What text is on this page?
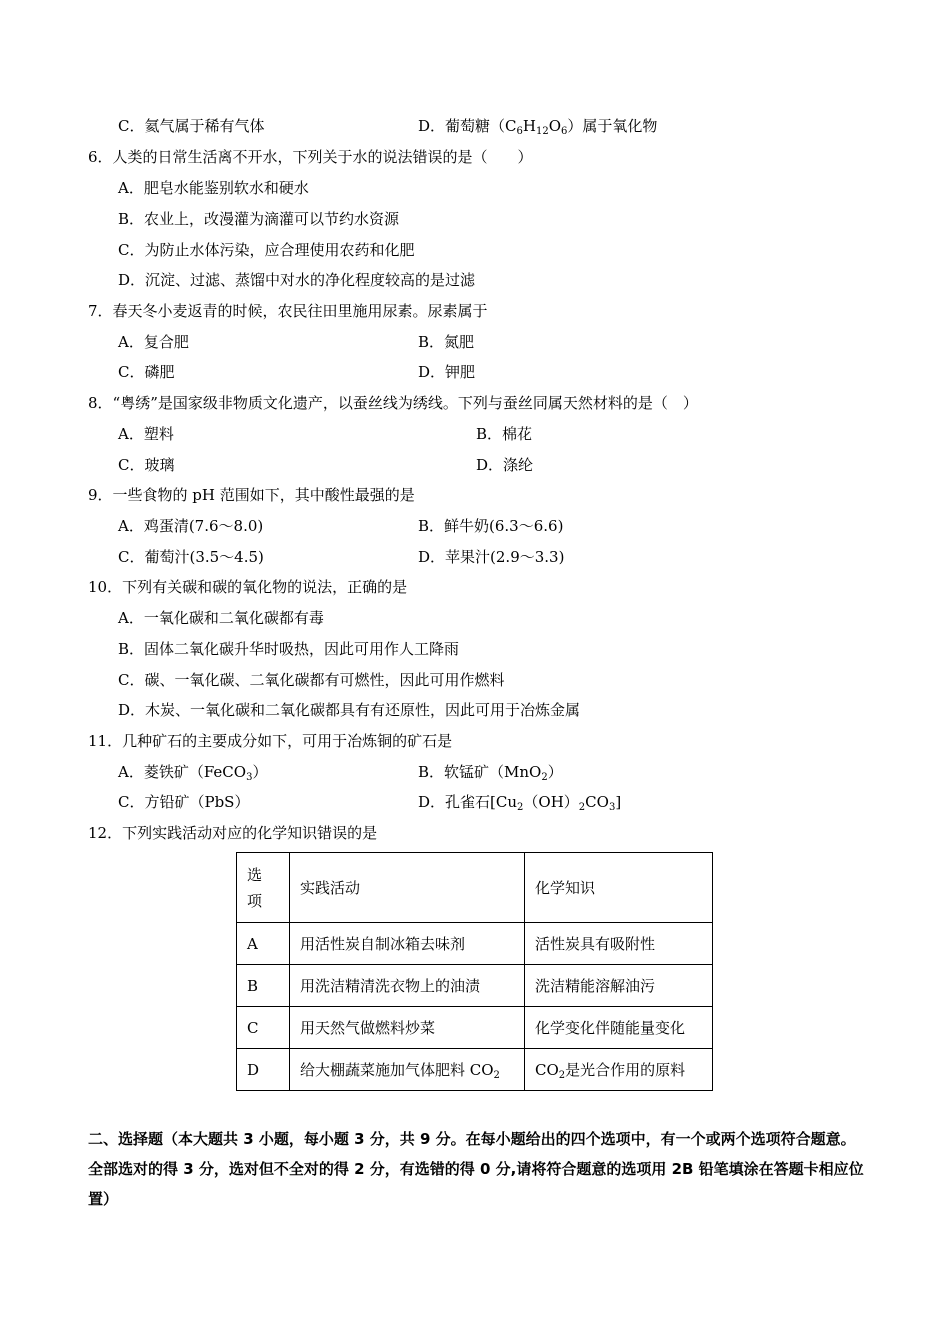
C．氦气属于稀有气体	D．葡萄糖$(C_6H_{12}O_6)$属于氧化物
6．人类的日常生活离不开水，下列关于水的说法错误的是（　　）
A．肥皂水能鉴别软水和硬水
B．农业上，改漫灌为滴灌可以节约水资源
C．为防止水体污染，应合理使用农药和化肥
D．沉淀、过滤、蒸馏中对水的净化程度较高的是过滤
7．春天冬小麦返青的时候，农民往田里施用尿素。尿素属于
A．复合肥	B．氮肥
C．磷肥	D．钾肥
8．“粤绣”是国家级非物质文化遗产，以蚕丝线为绣线。下列与蚕丝同属天然材料的是（　）
A．塑料	B．棉花
C．玻璃	D．涤纶
9．一些食物的 pH 范围如下，其中酸性最强的是
A．鸡蛋清(7.6～8.0)	B．鲜牛奶(6.3～6.6)
C．葡萄汁(3.5～4.5)	D．苹果汁(2.9～3.3)
10．下列有关碳和碳的氧化物的说法，正确的是
A．一氧化碳和二氧化碳都有毒
B．固体二氧化碳升华时吸热，因此可用作人工降雨
C．碳、一氧化碳、二氧化碳都有可燃性，因此可用作燃料
D．木炭、一氧化碳和二氧化碳都具有有还原性，因此可用于冶炼金属
11．几种矿石的主要成分如下，可用于冶炼铜的矿石是
A．菱铁矿（FeCO$_3$）	B．软锰矿（MnO$_2$）
C．方铅矿（PbS）	D．孔雀石$[Cu_2(OH)_2CO_3]$
12．下列实践活动对应的化学知识错误的是
选
项	实践活动	化学知识
A	用活性炭自制冰箱去味剂	活性炭具有吸附性
B	用洗洁精清洗衣物上的油渍	洗洁精能溶解油污
C	用天然气做燃料炒菜	化学变化伴随能量变化
D	给大棚蔬菜施加气体肥料 $CO_2$	$CO_2$是光合作用的原料
二、选择题（本大题共 3 小题，每小题 3 分，共 9 分。在每小题给出的四个选项中，有一个或两个选项符合题意。全部选对的得 3 分，选对但不全对的得 2 分，有选错的得 0 分,请将符合题意的选项用 2B 铅笔填涂在答题卡相应位置）
